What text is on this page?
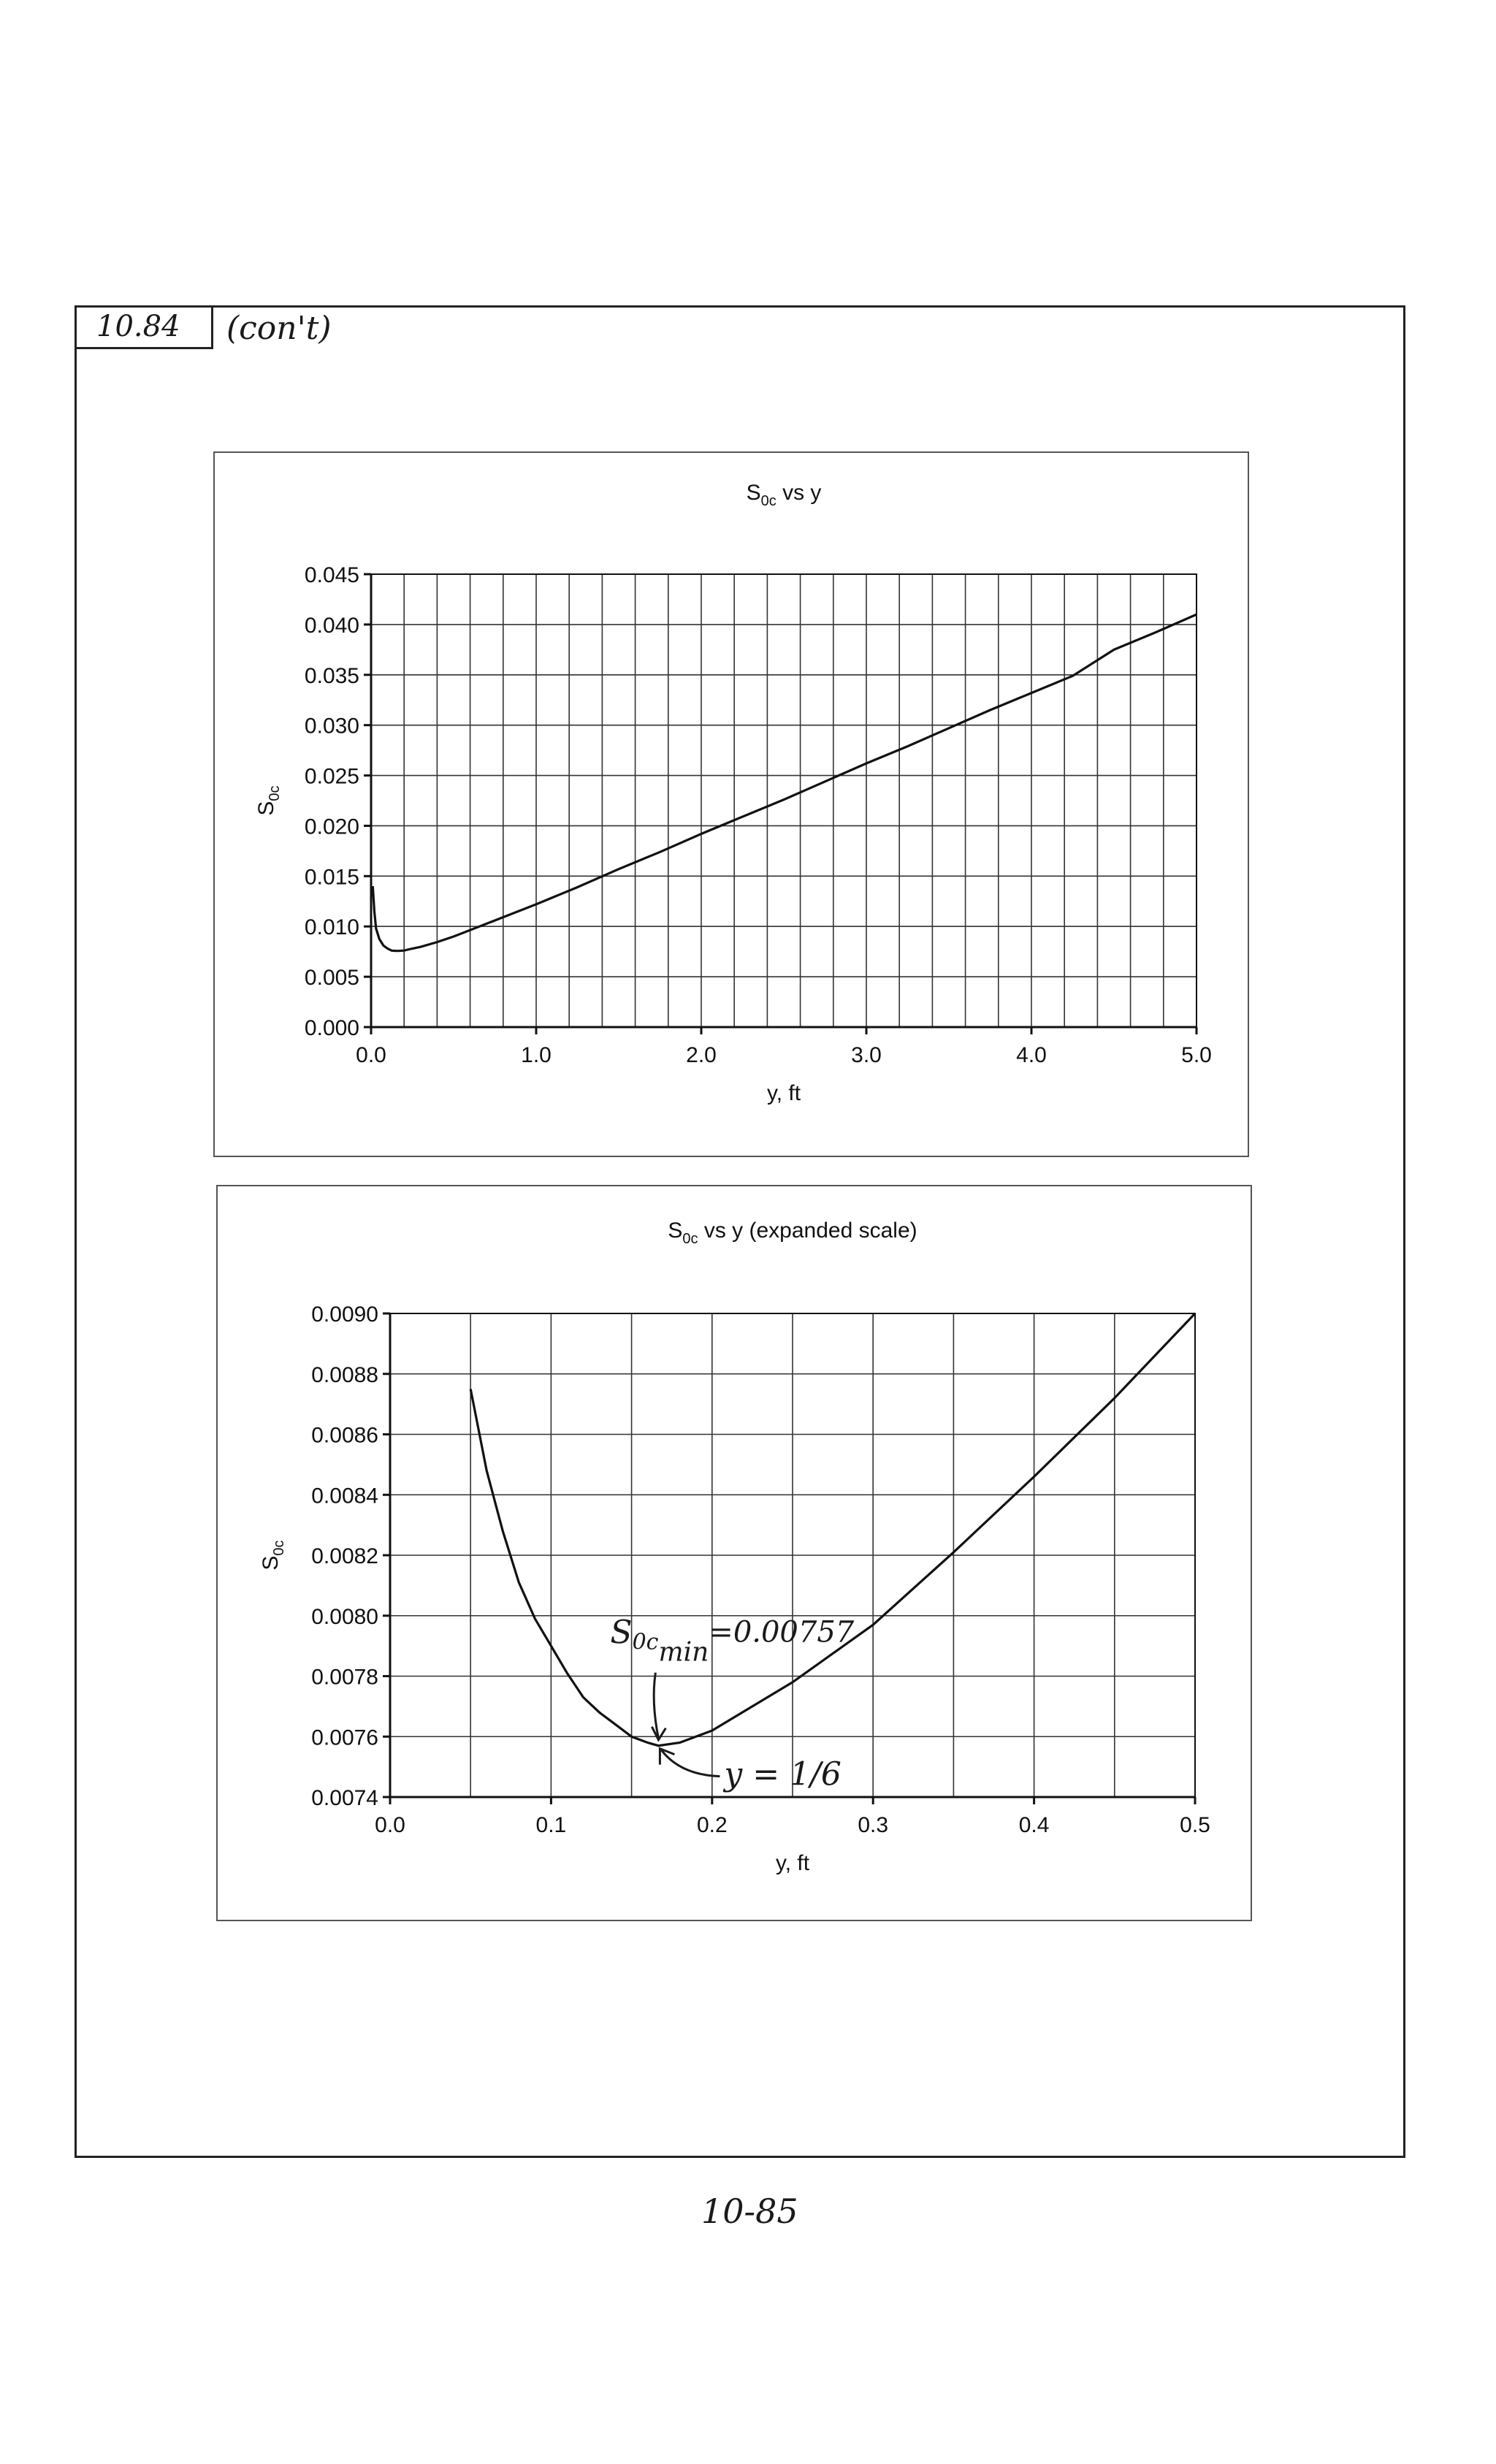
10.84 (con't)
$S_{0c}$ vs y
0.000
0.005
0.010
0.015
0.020
0.025
0.030
0.035
0.040
0.045
0.0	1.0	2.0	3.0	4.0	5.0
y, ft
$S_{0c}$
$S_{0c}$ vs y (expanded scale)
0.0074
0.0076
0.0078
0.0080
0.0082
0.0084
0.0086
0.0088
0.0090
0.0	0.1	0.2	0.3	0.4	0.5
y, ft
$S_{0c}$
$S0c_{min}=0.00757$
y = 1/6
10-85
